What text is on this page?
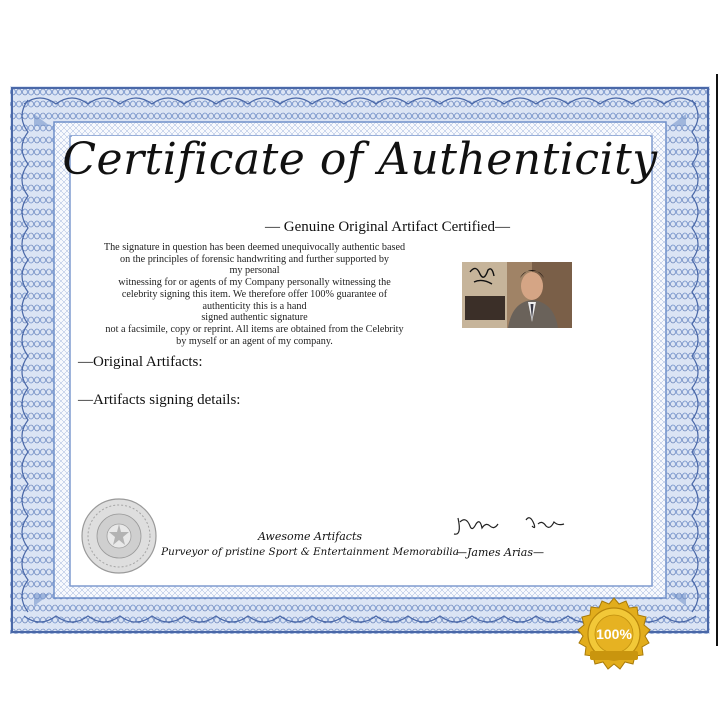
Certificate of Authenticity
— Genuine Original Artifact Certified—
The signature in question has been deemed unequivocally authentic based
on the principles of forensic handwriting and further supported by
my personal
witnessing for or agents of my Company personally witnessing the
celebrity signing this item. We therefore offer 100% guarantee of
authenticity this is a hand
signed authentic signature
not a facsimile, copy or reprint. All items are obtained from the Celebrity
by myself or an agent of my company.
—Original Artifacts:
—Artifacts signing details:
Awesome Artifacts
Purveyor of pristine Sport & Entertainment Memorabilia
—James Arias—
100%
